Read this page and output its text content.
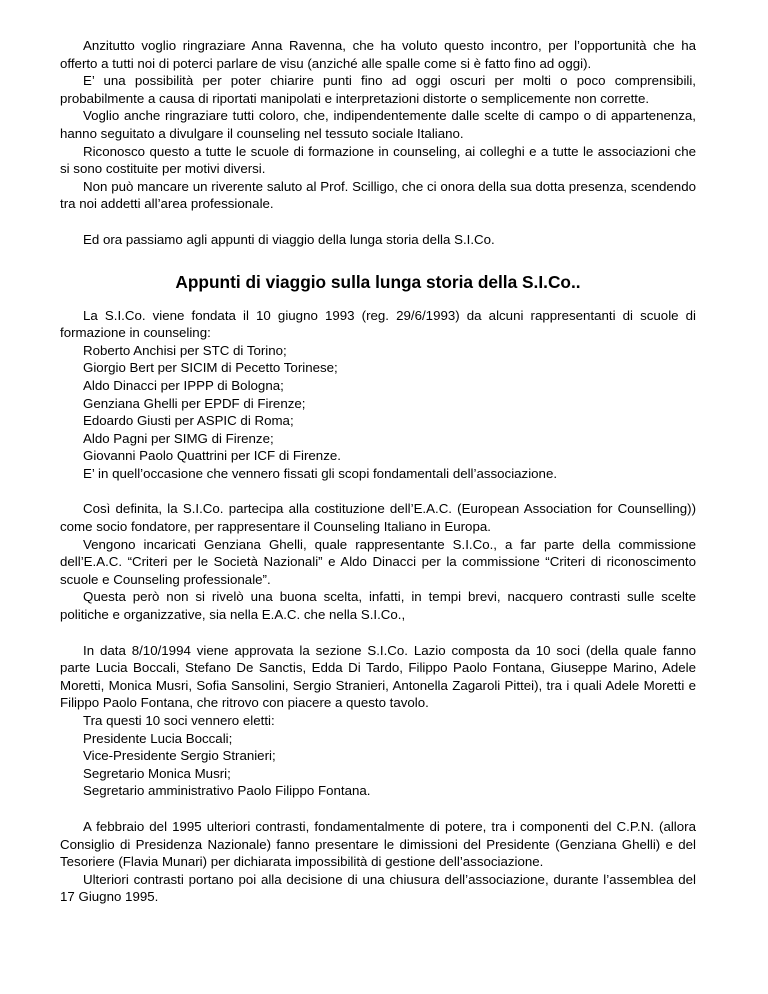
Anzitutto voglio ringraziare Anna Ravenna, che ha voluto questo incontro, per l’opportunità che ha offerto a tutti noi di poterci parlare de visu (anziché alle spalle come si è fatto fino ad oggi).

E’ una possibilità per poter chiarire punti fino ad oggi oscuri per molti o poco comprensibili, probabilmente a causa di riportati manipolati e interpretazioni distorte o semplicemente non corrette.

Voglio anche ringraziare tutti coloro, che, indipendentemente dalle scelte di campo o di appartenenza, hanno seguitato a divulgare il counseling nel tessuto sociale Italiano.

Riconosco questo a tutte le scuole di formazione in counseling, ai colleghi e a tutte le associazioni che si sono costituite per motivi diversi.

Non può mancare un riverente saluto al Prof. Scilligo, che ci onora della sua dotta presenza, scendendo tra noi addetti all’area professionale.

Ed ora passiamo agli appunti di viaggio della lunga storia della S.I.Co.

Appunti di viaggio sulla lunga storia della S.I.Co..

La S.I.Co. viene fondata il 10 giugno 1993 (reg. 29/6/1993) da alcuni rappresentanti di scuole di formazione in counseling:

Roberto Anchisi per STC di Torino;

Giorgio Bert per SICIM di Pecetto Torinese;

Aldo Dinacci per IPPP di Bologna;

Genziana Ghelli per EPDF di Firenze;

Edoardo Giusti per ASPIC di Roma;

Aldo Pagni per SIMG di Firenze;

Giovanni Paolo Quattrini per ICF di Firenze.

E’ in quell’occasione che vennero fissati gli scopi fondamentali dell’associazione.

Così definita, la S.I.Co. partecipa alla costituzione dell’E.A.C. (European Association for Counselling)) come socio fondatore, per rappresentare il Counseling Italiano in Europa.

Vengono incaricati Genziana Ghelli, quale rappresentante S.I.Co., a far parte della commissione dell’E.A.C. “Criteri per le Società Nazionali” e Aldo Dinacci per la commissione “Criteri di riconoscimento scuole e Counseling professionale”.

Questa però non si rivelò una buona scelta, infatti, in tempi brevi, nacquero contrasti sulle scelte politiche e organizzative, sia nella E.A.C. che nella S.I.Co.,

In data 8/10/1994 viene approvata la sezione S.I.Co. Lazio composta da 10 soci (della quale fanno parte Lucia Boccali, Stefano De Sanctis, Edda Di Tardo, Filippo Paolo Fontana, Giuseppe Marino, Adele Moretti, Monica Musri, Sofia Sansolini, Sergio Stranieri, Antonella Zagaroli Pittei), tra i quali Adele Moretti e Filippo Paolo Fontana, che ritrovo con piacere a questo tavolo.

Tra questi 10 soci vennero eletti:

Presidente Lucia Boccali;

Vice-Presidente Sergio Stranieri;

Segretario Monica Musri;

Segretario amministrativo Paolo Filippo Fontana.

A febbraio del 1995 ulteriori contrasti, fondamentalmente di potere, tra i componenti del C.P.N. (allora Consiglio di Presidenza Nazionale) fanno presentare le dimissioni del Presidente (Genziana Ghelli) e del Tesoriere (Flavia Munari) per dichiarata impossibilità di gestione dell’associazione.

Ulteriori contrasti portano poi alla decisione di una chiusura dell’associazione, durante l’assemblea del 17 Giugno 1995.
